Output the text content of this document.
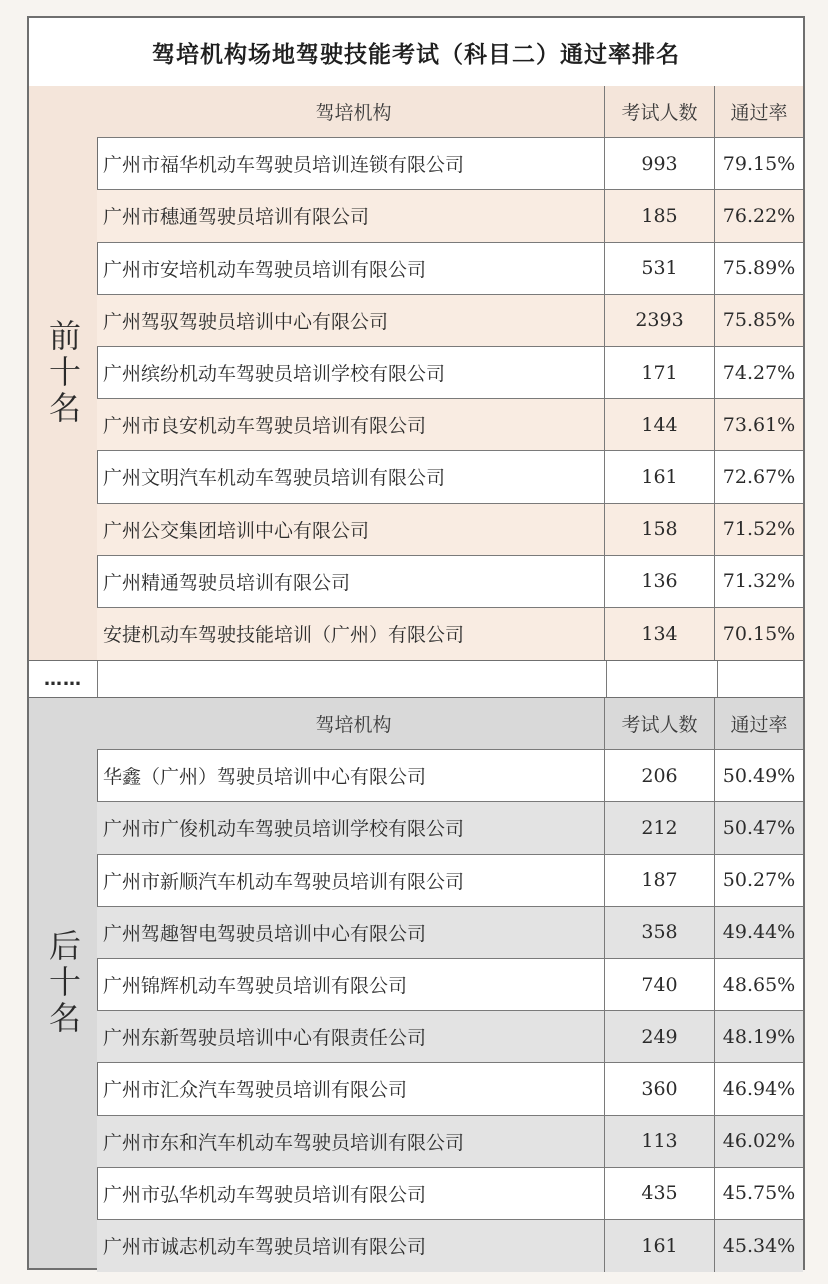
驾培机构场地驾驶技能考试（科目二）通过率排名
前十名
驾培机构	考试人数	通过率
广州市福华机动车驾驶员培训连锁有限公司	993	79.15%
广州市穗通驾驶员培训有限公司	185	76.22%
广州市安培机动车驾驶员培训有限公司	531	75.89%
广州驾驭驾驶员培训中心有限公司	2393	75.85%
广州缤纷机动车驾驶员培训学校有限公司	171	74.27%
广州市良安机动车驾驶员培训有限公司	144	73.61%
广州文明汽车机动车驾驶员培训有限公司	161	72.67%
广州公交集团培训中心有限公司	158	71.52%
广州精通驾驶员培训有限公司	136	71.32%
安捷机动车驾驶技能培训（广州）有限公司	134	70.15%
……
后十名
驾培机构	考试人数	通过率
华鑫（广州）驾驶员培训中心有限公司	206	50.49%
广州市广俊机动车驾驶员培训学校有限公司	212	50.47%
广州市新顺汽车机动车驾驶员培训有限公司	187	50.27%
广州驾趣智电驾驶员培训中心有限公司	358	49.44%
广州锦辉机动车驾驶员培训有限公司	740	48.65%
广州东新驾驶员培训中心有限责任公司	249	48.19%
广州市汇众汽车驾驶员培训有限公司	360	46.94%
广州市东和汽车机动车驾驶员培训有限公司	113	46.02%
广州市弘华机动车驾驶员培训有限公司	435	45.75%
广州市诚志机动车驾驶员培训有限公司	161	45.34%
